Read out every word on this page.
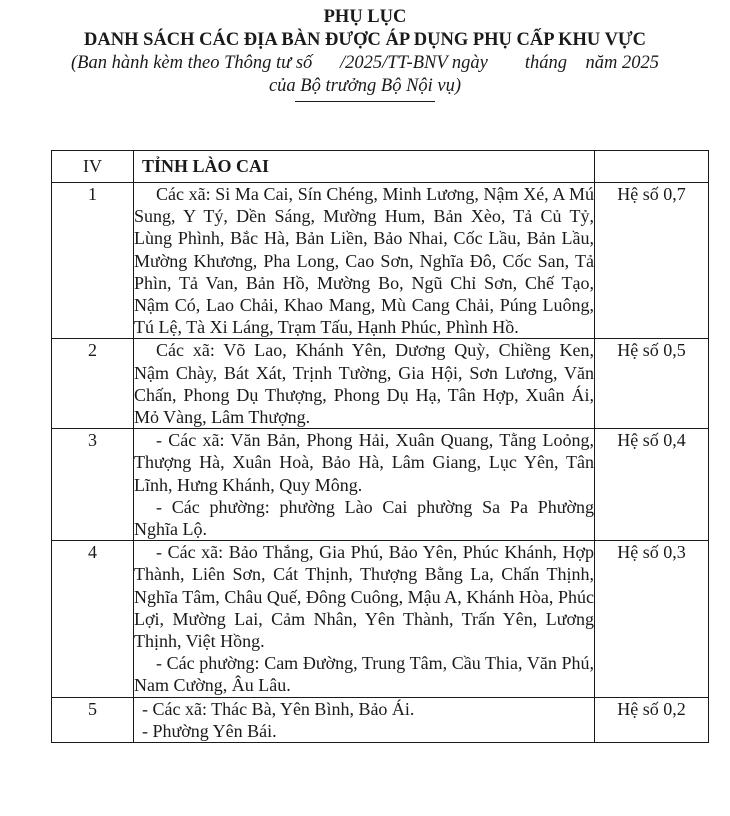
PHỤ LỤC
DANH SÁCH CÁC ĐỊA BÀN ĐƯỢC ÁP DỤNG PHỤ CẤP KHU VỰC
(Ban hành kèm theo Thông tư số      /2025/TT-BNV ngày        tháng    năm 2025
của Bộ trưởng Bộ Nội vụ)
IV	TỈNH LÀO CAI	
1	Các xã: Si Ma Cai, Sín Chéng, Minh Lương, Nậm Xé, A Mú Sung, Y Tý, Dền Sáng, Mường Hum, Bản Xèo, Tả Củ Tỷ, Lùng Phình, Bắc Hà, Bản Liền, Bảo Nhai, Cốc Lầu, Bản Lầu, Mường Khương, Pha Long, Cao Sơn, Nghĩa Đô, Cốc San, Tả Phìn, Tả Van, Bản Hồ, Mường Bo, Ngũ Chỉ Sơn, Chế Tạo, Nậm Có, Lao Chải, Khao Mang, Mù Cang Chải, Púng Luông, Tú Lệ, Tà Xi Láng, Trạm Tấu, Hạnh Phúc, Phình Hồ.	Hệ số 0,7
2	Các xã: Võ Lao, Khánh Yên, Dương Quỳ, Chiềng Ken, Nậm Chày, Bát Xát, Trịnh Tường, Gia Hội, Sơn Lương, Văn Chấn, Phong Dụ Thượng, Phong Dụ Hạ, Tân Hợp, Xuân Ái, Mỏ Vàng, Lâm Thượng.	Hệ số 0,5
3	- Các xã: Văn Bản, Phong Hải, Xuân Quang, Tằng Loỏng, Thượng Hà, Xuân Hoà, Bảo Hà, Lâm Giang, Lục Yên, Tân Lĩnh, Hưng Khánh, Quy Mông.
- Các phường: phường Lào Cai phường Sa Pa Phường Nghĩa Lộ.	Hệ số 0,4
4	- Các xã: Bảo Thắng, Gia Phú, Bảo Yên, Phúc Khánh, Hợp Thành, Liên Sơn, Cát Thịnh, Thượng Bằng La, Chấn Thịnh, Nghĩa Tâm, Châu Quế, Đông Cuông, Mậu A, Khánh Hòa, Phúc Lợi, Mường Lai, Cảm Nhân, Yên Thành, Trấn Yên, Lương Thịnh, Việt Hồng.
- Các phường: Cam Đường, Trung Tâm, Cầu Thia, Văn Phú, Nam Cường, Âu Lâu.	Hệ số 0,3
5	- Các xã: Thác Bà, Yên Bình, Bảo Ái.
- Phường Yên Bái.	Hệ số 0,2
